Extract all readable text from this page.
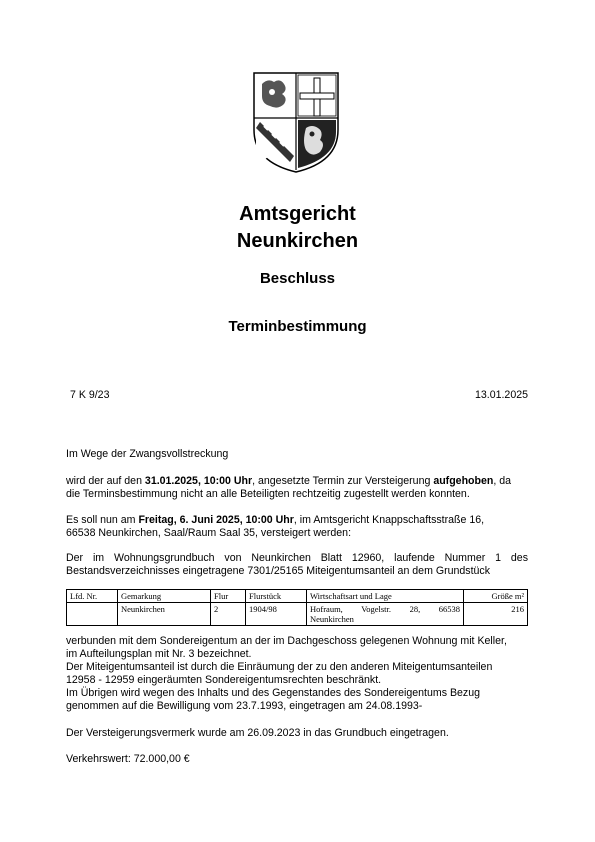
Amtsgericht
Neunkirchen
Beschluss
Terminbestimmung
7 K 9/23	13.01.2025
Im Wege der Zwangsvollstreckung
wird der auf den 31.01.2025, 10:00 Uhr, angesetzte Termin zur Versteigerung aufgehoben, da
die Terminsbestimmung nicht an alle Beteiligten rechtzeitig zugestellt werden konnten.
Es soll nun am Freitag, 6. Juni 2025, 10:00 Uhr, im Amtsgericht Knappschaftsstraße 16,
66538 Neunkirchen, Saal/Raum Saal 35, versteigert werden:
Der im Wohnungsgrundbuch von Neunkirchen Blatt 12960, laufende Nummer 1 des
Bestandsverzeichnisses eingetragene 7301/25165 Miteigentumsanteil an dem Grundstück
Lfd. Nr.	Gemarkung	Flur	Flurstück	Wirtschaftsart und Lage	Größe m²
	Neunkirchen	2	1904/98	Hofraum, Vogelstr. 28, 66538
Neunkirchen	216
verbunden mit dem Sondereigentum an der im Dachgeschoss gelegenen Wohnung mit Keller,
im Aufteilungsplan mit Nr. 3 bezeichnet.
Der Miteigentumsanteil ist durch die Einräumung der zu den anderen Miteigentumsanteilen
12958 - 12959 eingeräumten Sondereigentumsrechten beschränkt.
Im Übrigen wird wegen des Inhalts und des Gegenstandes des Sondereigentums Bezug
genommen auf die Bewilligung vom 23.7.1993, eingetragen am 24.08.1993-
Der Versteigerungsvermerk wurde am 26.09.2023 in das Grundbuch eingetragen.
Verkehrswert: 72.000,00 €
